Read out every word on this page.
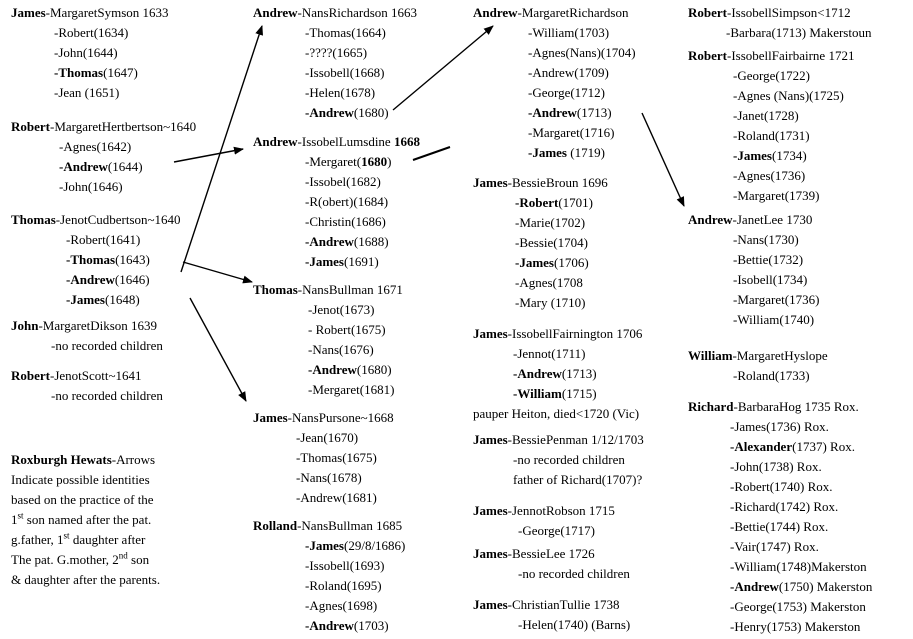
James-MargaretSymson 1633
-Robert(1634)
-John(1644)
-Thomas(1647)
-Jean (1651)
Robert-MargaretHertbertson~1640
-Agnes(1642)
-Andrew(1644)
-John(1646)
Thomas-JenotCudbertson~1640
-Robert(1641)
-Thomas(1643)
-Andrew(1646)
-James(1648)
John-MargaretDikson 1639
-no recorded children
Robert-JenotScott~1641
-no recorded children
Andrew-NansRichardson 1663
-Thomas(1664)
-????(1665)
-Issobell(1668)
-Helen(1678)
-Andrew(1680)
Andrew-IssobelLumsdine 1668
-Mergaret(1680)
-Issobel(1682)
-R(obert)(1684)
-Christin(1686)
-Andrew(1688)
-James(1691)
Thomas-NansBullman 1671
-Jenot(1673)
- Robert(1675)
-Nans(1676)
-Andrew(1680)
-Mergaret(1681)
James-NansPursone~1668
-Jean(1670)
-Thomas(1675)
-Nans(1678)
-Andrew(1681)
Rolland-NansBullman 1685
-James(29/8/1686)
-Issobell(1693)
-Roland(1695)
-Agnes(1698)
-Andrew(1703)
Andrew-MargaretRichardson
-William(1703)
-Agnes(Nans)(1704)
-Andrew(1709)
-George(1712)
-Andrew(1713)
-Margaret(1716)
-James (1719)
James-BessieBroun 1696
-Robert(1701)
-Marie(1702)
-Bessie(1704)
-James(1706)
-Agnes(1708
-Mary (1710)
James-IssobellFairnington 1706
-Jennot(1711)
-Andrew(1713)
-William(1715)
pauper Heiton, died<1720 (Vic)
James-BessiePenman 1/12/1703
-no recorded children
father of Richard(1707)?
James-JennotRobson 1715
-George(1717)
James-BessieLee 1726
-no recorded children
James-ChristianTullie 1738
-Helen(1740) (Barns)
Robert-IssobellSimpson<1712
-Barbara(1713) Makerstoun
Robert-IssobellFairbairne 1721
-George(1722)
-Agnes (Nans)(1725)
-Janet(1728)
-Roland(1731)
-James(1734)
-Agnes(1736)
-Margaret(1739)
Andrew-JanetLee 1730
-Nans(1730)
-Bettie(1732)
-Isobell(1734)
-Margaret(1736)
-William(1740)
William-MargaretHyslope
-Roland(1733)
Richard-BarbaraHog 1735 Rox.
-James(1736) Rox.
-Alexander(1737) Rox.
-John(1738) Rox.
-Robert(1740) Rox.
-Richard(1742) Rox.
-Bettie(1744) Rox.
-Vair(1747) Rox.
-William(1748)Makerston
-Andrew(1750) Makerston
-George(1753) Makerston
-Henry(1753) Makerston
Roxburgh Hewats-Arrows
Indicate possible identities
based on the practice of the
1st son named after the pat.
g.father, 1st daughter after
The pat. G.mother, 2nd son
& daughter after the parents.
